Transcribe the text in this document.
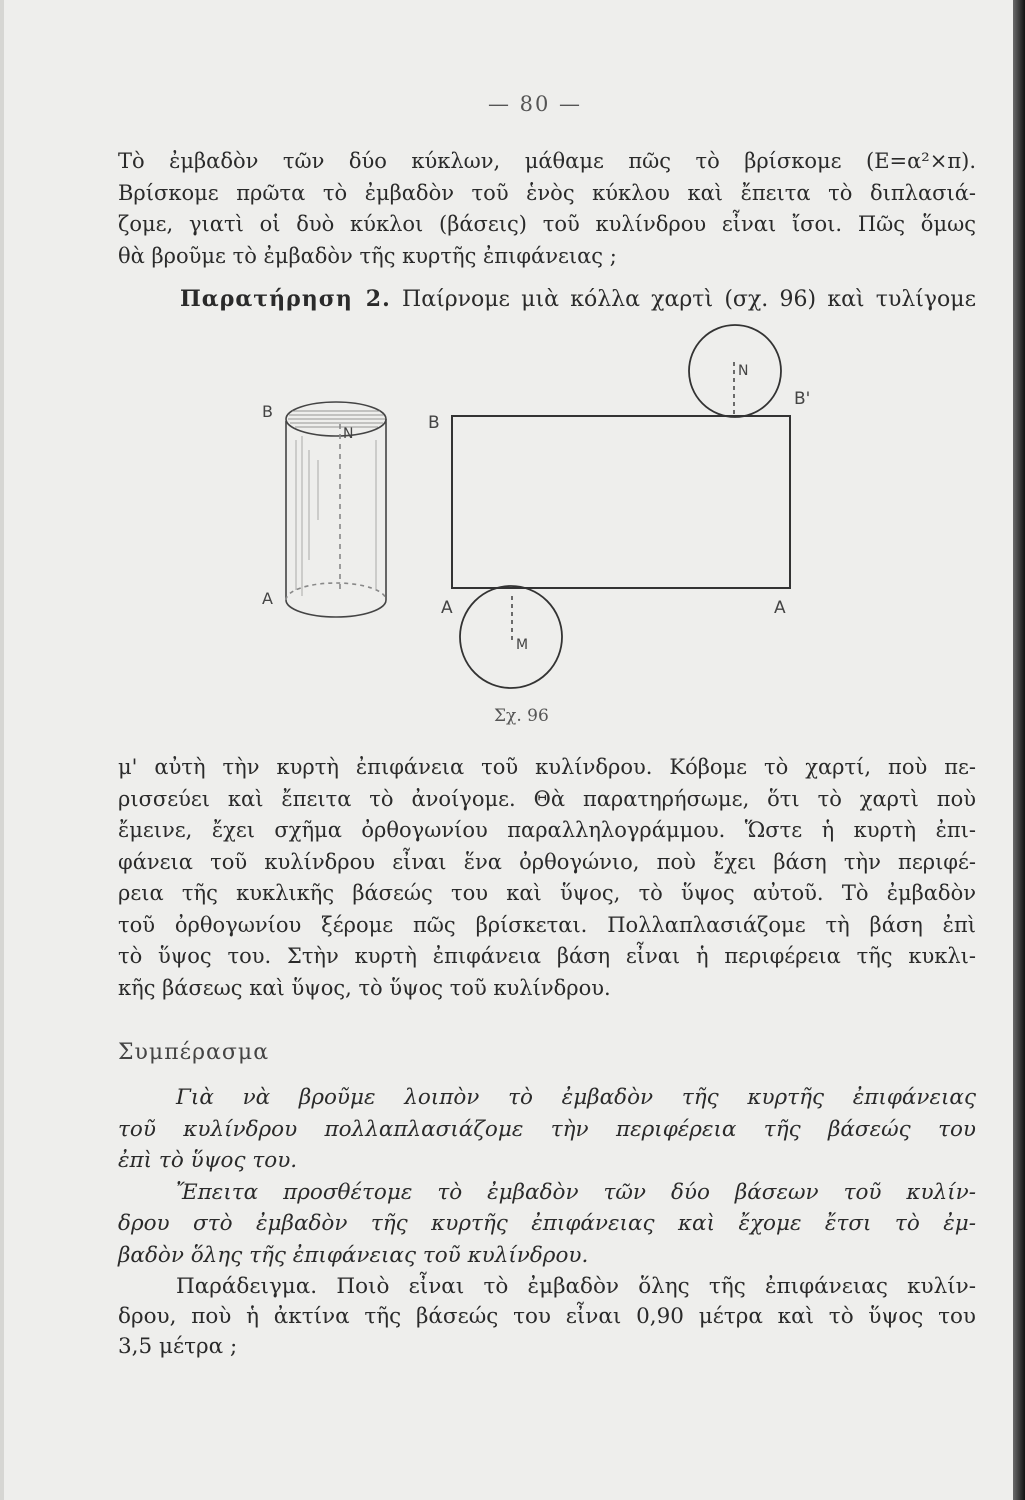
— 80 —
Τὸ ἐμβαδὸν τῶν δύο κύκλων, μάθαμε πῶς τὸ βρίσκομε (Ε=α²×π).
Βρίσκομε πρῶτα τὸ ἐμβαδὸν τοῦ ἑνὸς κύκλου καὶ ἔπειτα τὸ διπλασιά-
ζομε, γιατὶ οἱ δυὸ κύκλοι (βάσεις) τοῦ κυλίνδρου εἶναι ἴσοι. Πῶς ὅμως
θὰ βροῦμε τὸ ἐμβαδὸν τῆς κυρτῆς ἐπιφάνειας ;
Παρατήρηση 2. Παίρνομε μιὰ κόλλα χαρτὶ (σχ. 96) καὶ τυλίγομε
B
A
N
B
B'
A	A
N
M
Σχ. 96
μ' αὐτὴ τὴν κυρτὴ ἐπιφάνεια τοῦ κυλίνδρου. Κόβομε τὸ χαρτί, ποὺ πε-
ρισσεύει καὶ ἔπειτα τὸ ἀνοίγομε. Θὰ παρατηρήσωμε, ὅτι τὸ χαρτὶ ποὺ
ἔμεινε, ἔχει σχῆμα ὀρθογωνίου παραλληλογράμμου. Ὥστε ἡ κυρτὴ ἐπι-
φάνεια τοῦ κυλίνδρου εἶναι ἕνα ὀρθογώνιο, ποὺ ἔχει βάση τὴν περιφέ-
ρεια τῆς κυκλικῆς βάσεώς του καὶ ὕψος, τὸ ὕψος αὐτοῦ. Τὸ ἐμβαδὸν
τοῦ ὀρθογωνίου ξέρομε πῶς βρίσκεται. Πολλαπλασιάζομε τὴ βάση ἐπὶ
τὸ ὕψος του. Στὴν κυρτὴ ἐπιφάνεια βάση εἶναι ἡ περιφέρεια τῆς κυκλι-
κῆς βάσεως καὶ ὕψος, τὸ ὕψος τοῦ κυλίνδρου.
Συμπέρασμα
Γιὰ νὰ βροῦμε λοιπὸν τὸ ἐμβαδὸν τῆς κυρτῆς ἐπιφάνειας
τοῦ κυλίνδρου πολλαπλασιάζομε τὴν περιφέρεια τῆς βάσεώς του
ἐπὶ τὸ ὕψος του.
Ἔπειτα προσθέτομε τὸ ἐμβαδὸν τῶν δύο βάσεων τοῦ κυλίν-
δρου στὸ ἐμβαδὸν τῆς κυρτῆς ἐπιφάνειας καὶ ἔχομε ἔτσι τὸ ἐμ-
βαδὸν ὅλης τῆς ἐπιφάνειας τοῦ κυλίνδρου.
Παράδειγμα. Ποιὸ εἶναι τὸ ἐμβαδὸν ὅλης τῆς ἐπιφάνειας κυλίν-
δρου, ποὺ ἡ ἀκτίνα τῆς βάσεώς του εἶναι 0,90 μέτρα καὶ τὸ ὕψος του
3,5 μέτρα ;
